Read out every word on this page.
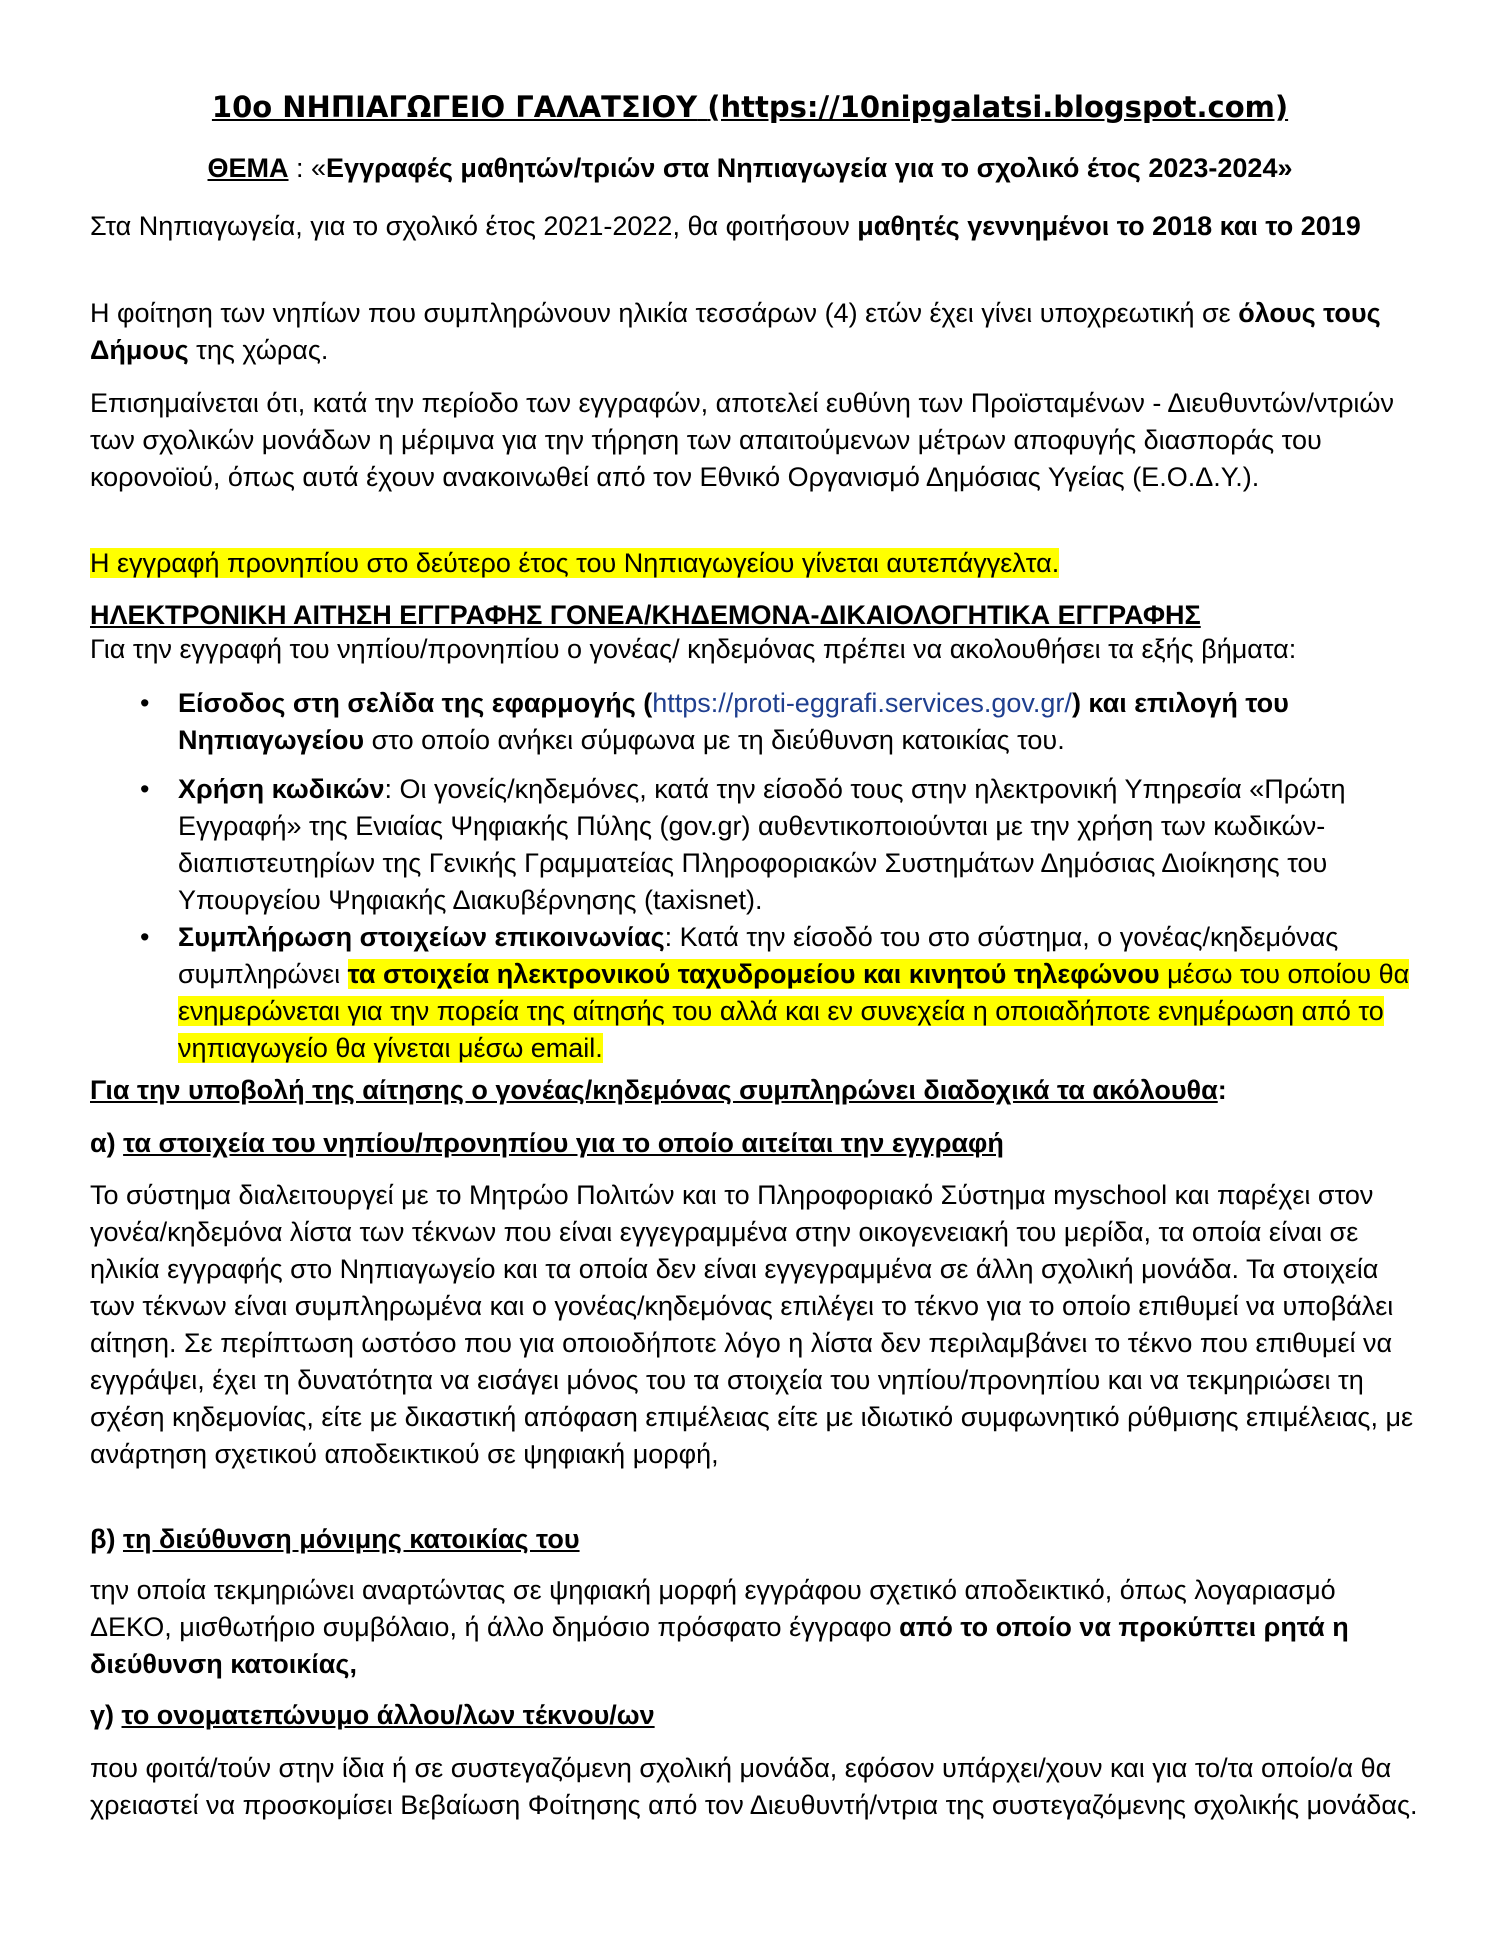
10ο ΝΗΠΙΑΓΩΓΕΙΟ ΓΑΛΑΤΣΙΟΥ (https://10nipgalatsi.blogspot.com)

ΘΕΜΑ : «Εγγραφές μαθητών/τριών στα Νηπιαγωγεία για το σχολικό έτος 2023-2024»

Στα Νηπιαγωγεία, για το σχολικό έτος 2021-2022, θα φοιτήσουν μαθητές γεννημένοι το 2018 και το 2019

Η φοίτηση των νηπίων που συμπληρώνουν ηλικία τεσσάρων (4) ετών έχει γίνει υποχρεωτική σε όλους τους Δήμους της χώρας.

Επισημαίνεται ότι, κατά την περίοδο των εγγραφών, αποτελεί ευθύνη των Προϊσταμένων - Διευθυντών/ντριών των σχολικών μονάδων η μέριμνα για την τήρηση των απαιτούμενων μέτρων αποφυγής διασποράς του κορονοϊού, όπως αυτά έχουν ανακοινωθεί από τον Εθνικό Οργανισμό Δημόσιας Υγείας (Ε.Ο.Δ.Υ.).

Η εγγραφή προνηπίου στο δεύτερο έτος του Νηπιαγωγείου γίνεται αυτεπάγγελτα.

ΗΛΕΚΤΡΟΝΙΚΗ ΑΙΤΗΣΗ ΕΓΓΡΑΦΗΣ ΓΟΝΕΑ/ΚΗΔΕΜΟΝΑ-ΔΙΚΑΙΟΛΟΓΗΤΙΚΑ ΕΓΓΡΑΦΗΣ

Για την εγγραφή του νηπίου/προνηπίου ο γονέας/ κηδεμόνας πρέπει να ακολουθήσει τα εξής βήματα:

• Είσοδος στη σελίδα της εφαρμογής (https://proti-eggrafi.services.gov.gr/) και επιλογή του Νηπιαγωγείου στο οποίο ανήκει σύμφωνα με τη διεύθυνση κατοικίας του.

• Χρήση κωδικών: Οι γονείς/κηδεμόνες, κατά την είσοδό τους στην ηλεκτρονική Υπηρεσία «Πρώτη Εγγραφή» της Ενιαίας Ψηφιακής Πύλης (gov.gr) αυθεντικοποιούνται με την χρήση των κωδικών-διαπιστευτηρίων της Γενικής Γραμματείας Πληροφοριακών Συστημάτων Δημόσιας Διοίκησης του Υπουργείου Ψηφιακής Διακυβέρνησης (taxisnet).

• Συμπλήρωση στοιχείων επικοινωνίας: Κατά την είσοδό του στο σύστημα, ο γονέας/κηδεμόνας συμπληρώνει τα στοιχεία ηλεκτρονικού ταχυδρομείου και κινητού τηλεφώνου μέσω του οποίου θα ενημερώνεται για την πορεία της αίτησής του αλλά και εν συνεχεία η οποιαδήποτε ενημέρωση από το νηπιαγωγείο θα γίνεται μέσω email.

Για την υποβολή της αίτησης ο γονέας/κηδεμόνας συμπληρώνει διαδοχικά τα ακόλουθα:

α) τα στοιχεία του νηπίου/προνηπίου για το οποίο αιτείται την εγγραφή

Το σύστημα διαλειτουργεί με το Μητρώο Πολιτών και το Πληροφοριακό Σύστημα myschool και παρέχει στον γονέα/κηδεμόνα λίστα των τέκνων που είναι εγγεγραμμένα στην οικογενειακή του μερίδα, τα οποία είναι σε ηλικία εγγραφής στο Νηπιαγωγείο και τα οποία δεν είναι εγγεγραμμένα σε άλλη σχολική μονάδα. Τα στοιχεία των τέκνων είναι συμπληρωμένα και ο γονέας/κηδεμόνας επιλέγει το τέκνο για το οποίο επιθυμεί να υποβάλει αίτηση. Σε περίπτωση ωστόσο που για οποιοδήποτε λόγο η λίστα δεν περιλαμβάνει το τέκνο που επιθυμεί να εγγράψει, έχει τη δυνατότητα να εισάγει μόνος του τα στοιχεία του νηπίου/προνηπίου και να τεκμηριώσει τη σχέση κηδεμονίας, είτε με δικαστική απόφαση επιμέλειας είτε με ιδιωτικό συμφωνητικό ρύθμισης επιμέλειας, με ανάρτηση σχετικού αποδεικτικού σε ψηφιακή μορφή,

β) τη διεύθυνση μόνιμης κατοικίας του

την οποία τεκμηριώνει αναρτώντας σε ψηφιακή μορφή εγγράφου σχετικό αποδεικτικό, όπως λογαριασμό ΔΕΚΟ, μισθωτήριο συμβόλαιο, ή άλλο δημόσιο πρόσφατο έγγραφο από το οποίο να προκύπτει ρητά η διεύθυνση κατοικίας,

γ) το ονοματεπώνυμο άλλου/λων τέκνου/ων

που φοιτά/τούν στην ίδια ή σε συστεγαζόμενη σχολική μονάδα, εφόσον υπάρχει/χουν και για το/τα οποίο/α θα χρειαστεί να προσκομίσει Βεβαίωση Φοίτησης από τον Διευθυντή/ντρια της συστεγαζόμενης σχολικής μονάδας.
